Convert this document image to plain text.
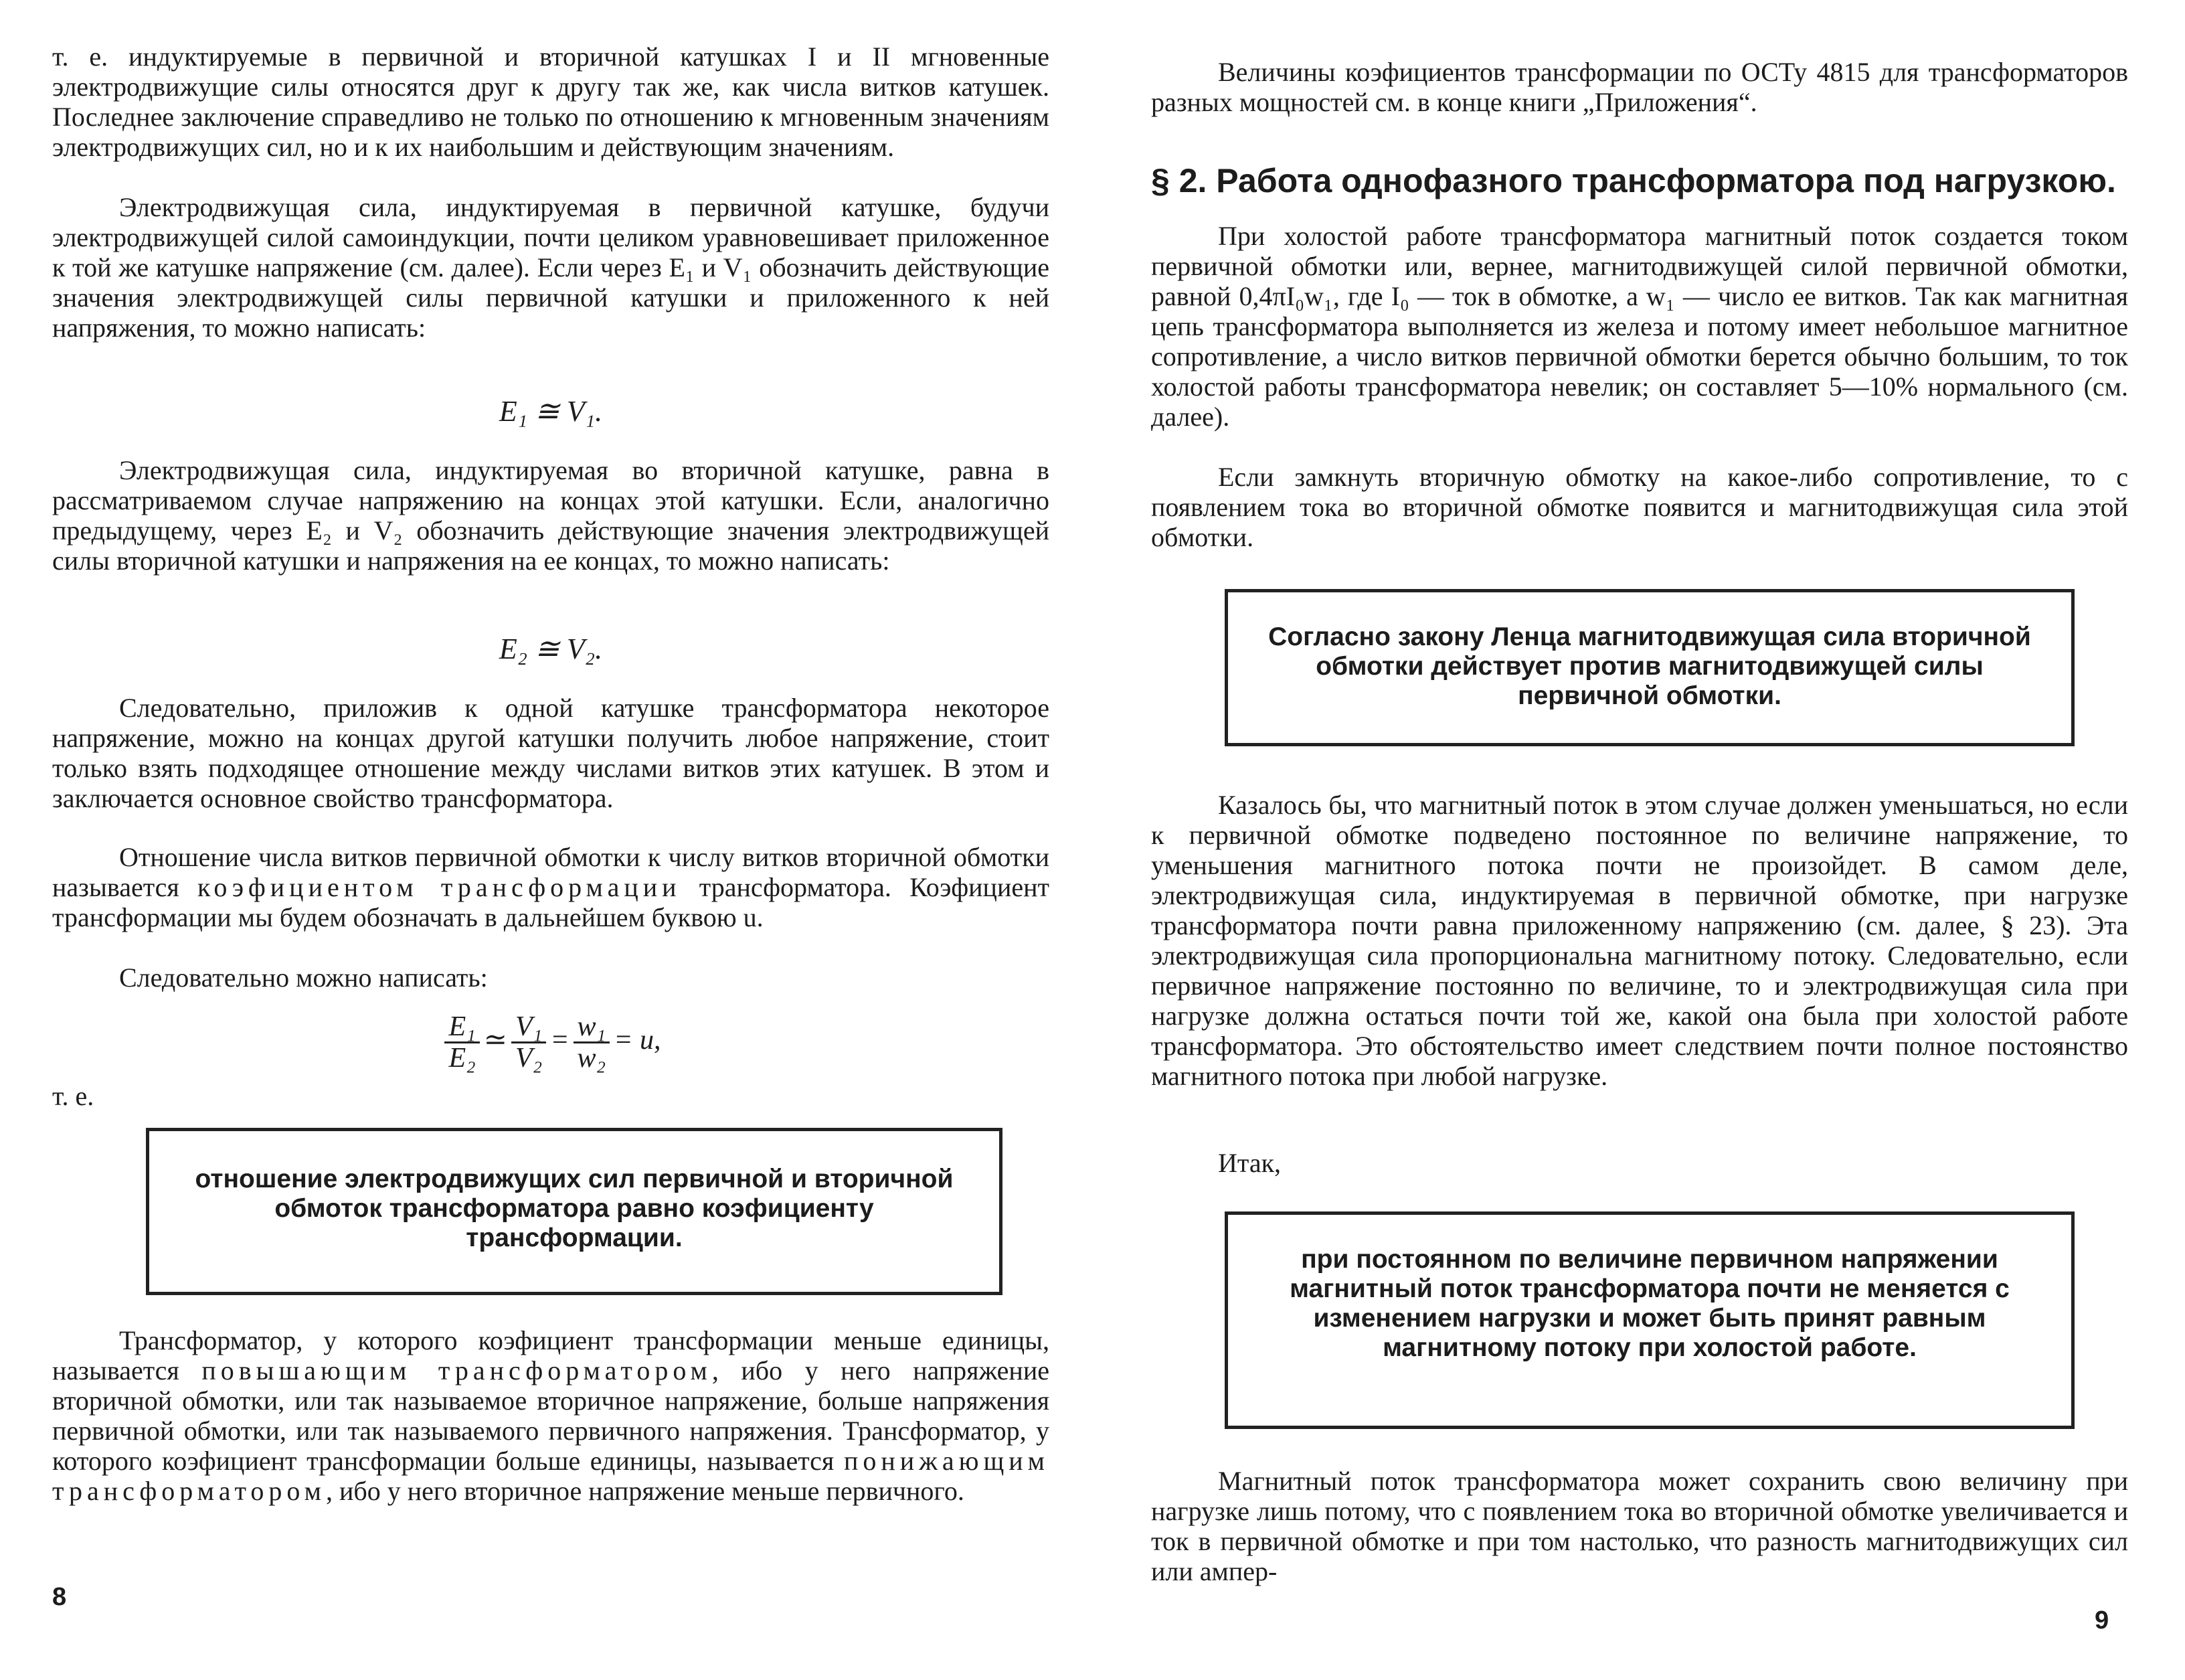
т. е. индуктируемые в первичной и вторичной катушках I и II мгновенные электродвижущие силы относятся друг к другу так же, как числа витков катушек. Последнее заключение справедливо не только по отношению к мгновенным значениям электродвижущих сил, но и к их наибольшим и действующим значениям.

Электродвижущая сила, индуктируемая в первичной катушке, будучи электродвижущей силой самоиндукции, почти целиком уравновешивает приложенное к той же катушке напряжение (см. далее). Если через E₁ и V₁ обозначить действующие значения электродвижущей силы первичной катушки и приложенного к ней напряжения, то можно написать:

E₁ ≅ V₁.

Электродвижущая сила, индуктируемая во вторичной катушке, равна в рассматриваемом случае напряжению на концах этой катушки. Если, аналогично предыдущему, через E₂ и V₂ обозначить действующие значения электродвижущей силы вторичной катушки и напряжения на ее концах, то можно написать:

E₂ ≅ V₂.

Следовательно, приложив к одной катушке трансформатора некоторое напряжение, можно на концах другой катушки получить любое напряжение, стоит только взять подходящее отношение между числами витков этих катушек. В этом и заключается основное свойство трансформатора.

Отношение числа витков первичной обмотки к числу витков вторичной обмотки называется коэфициентом трансформации трансформатора. Коэфициент трансформации мы будем обозначать в дальнейшем буквою u.

Следовательно можно написать:

$\frac{\text{E₁}}{\text{E₂}}$ ≃ $\frac{\text{V₁}}{\text{V₂}} = \frac{\text{w₁}}{\text{w₂}} = u$,

т. е.

отношение электродвижущих сил первичной и вторичной обмоток трансформатора равно коэфициенту трансформации.

Трансформатор, у которого коэфициент трансформации меньше единицы, называется повышающим трансформатором, ибо у него напряжение вторичной обмотки, или так называемое вторичное напряжение, больше напряжения первичной обмотки, или так называемого первичного напряжения. Трансформатор, у которого коэфициент трансформации больше единицы, называется понижающим трансформатором, ибо у него вторичное напряжение меньше первичного.

8

Величины коэфициентов трансформации по ОСТу 4815 для трансформаторов разных мощностей см. в конце книги „Приложения“.

§ 2. Работа однофазного трансформатора под нагрузкою.

При холостой работе трансформатора магнитный поток создается током первичной обмотки или, вернее, магнитодвижущей силой первичной обмотки, равной 0,4πI₀w₁, где I₀ — ток в обмотке, а w₁ — число ее витков. Так как магнитная цепь трансформатора выполняется из железа и потому имеет небольшое магнитное сопротивление, а число витков первичной обмотки берется обычно большим, то ток холостой работы трансформатора невелик; он составляет 5—10% нормального (см. далее).

Если замкнуть вторичную обмотку на какое-либо сопротивление, то с появлением тока во вторичной обмотке появится и магнитодвижущая сила этой обмотки.

Согласно закону Ленца магнитодвижущая сила вторичной обмотки действует против магнитодвижущей силы первичной обмотки.

Казалось бы, что магнитный поток в этом случае должен уменьшаться, но если к первичной обмотке подведено постоянное по величине напряжение, то уменьшения магнитного потока почти не произойдет. В самом деле, электродвижущая сила, индуктируемая в первичной обмотке, при нагрузке трансформатора почти равна приложенному напряжению (см. далее, § 23). Эта электродвижущая сила пропорциональна магнитному потоку. Следовательно, если первичное напряжение постоянно по величине, то и электродвижущая сила при нагрузке должна остаться почти той же, какой она была при холостой работе трансформатора. Это обстоятельство имеет следствием почти полное постоянство магнитного потока при любой нагрузке.

Итак,

при постоянном по величине первичном напряжении магнитный поток трансформатора почти не меняется с изменением нагрузки и может быть принят равным магнитному потоку при холостой работе.

Магнитный поток трансформатора может сохранить свою величину при нагрузке лишь потому, что с появлением тока во вторичной обмотке увеличивается и ток в первичной обмотке и при том настолько, что разность магнитодвижущих сил или ампер-

9
